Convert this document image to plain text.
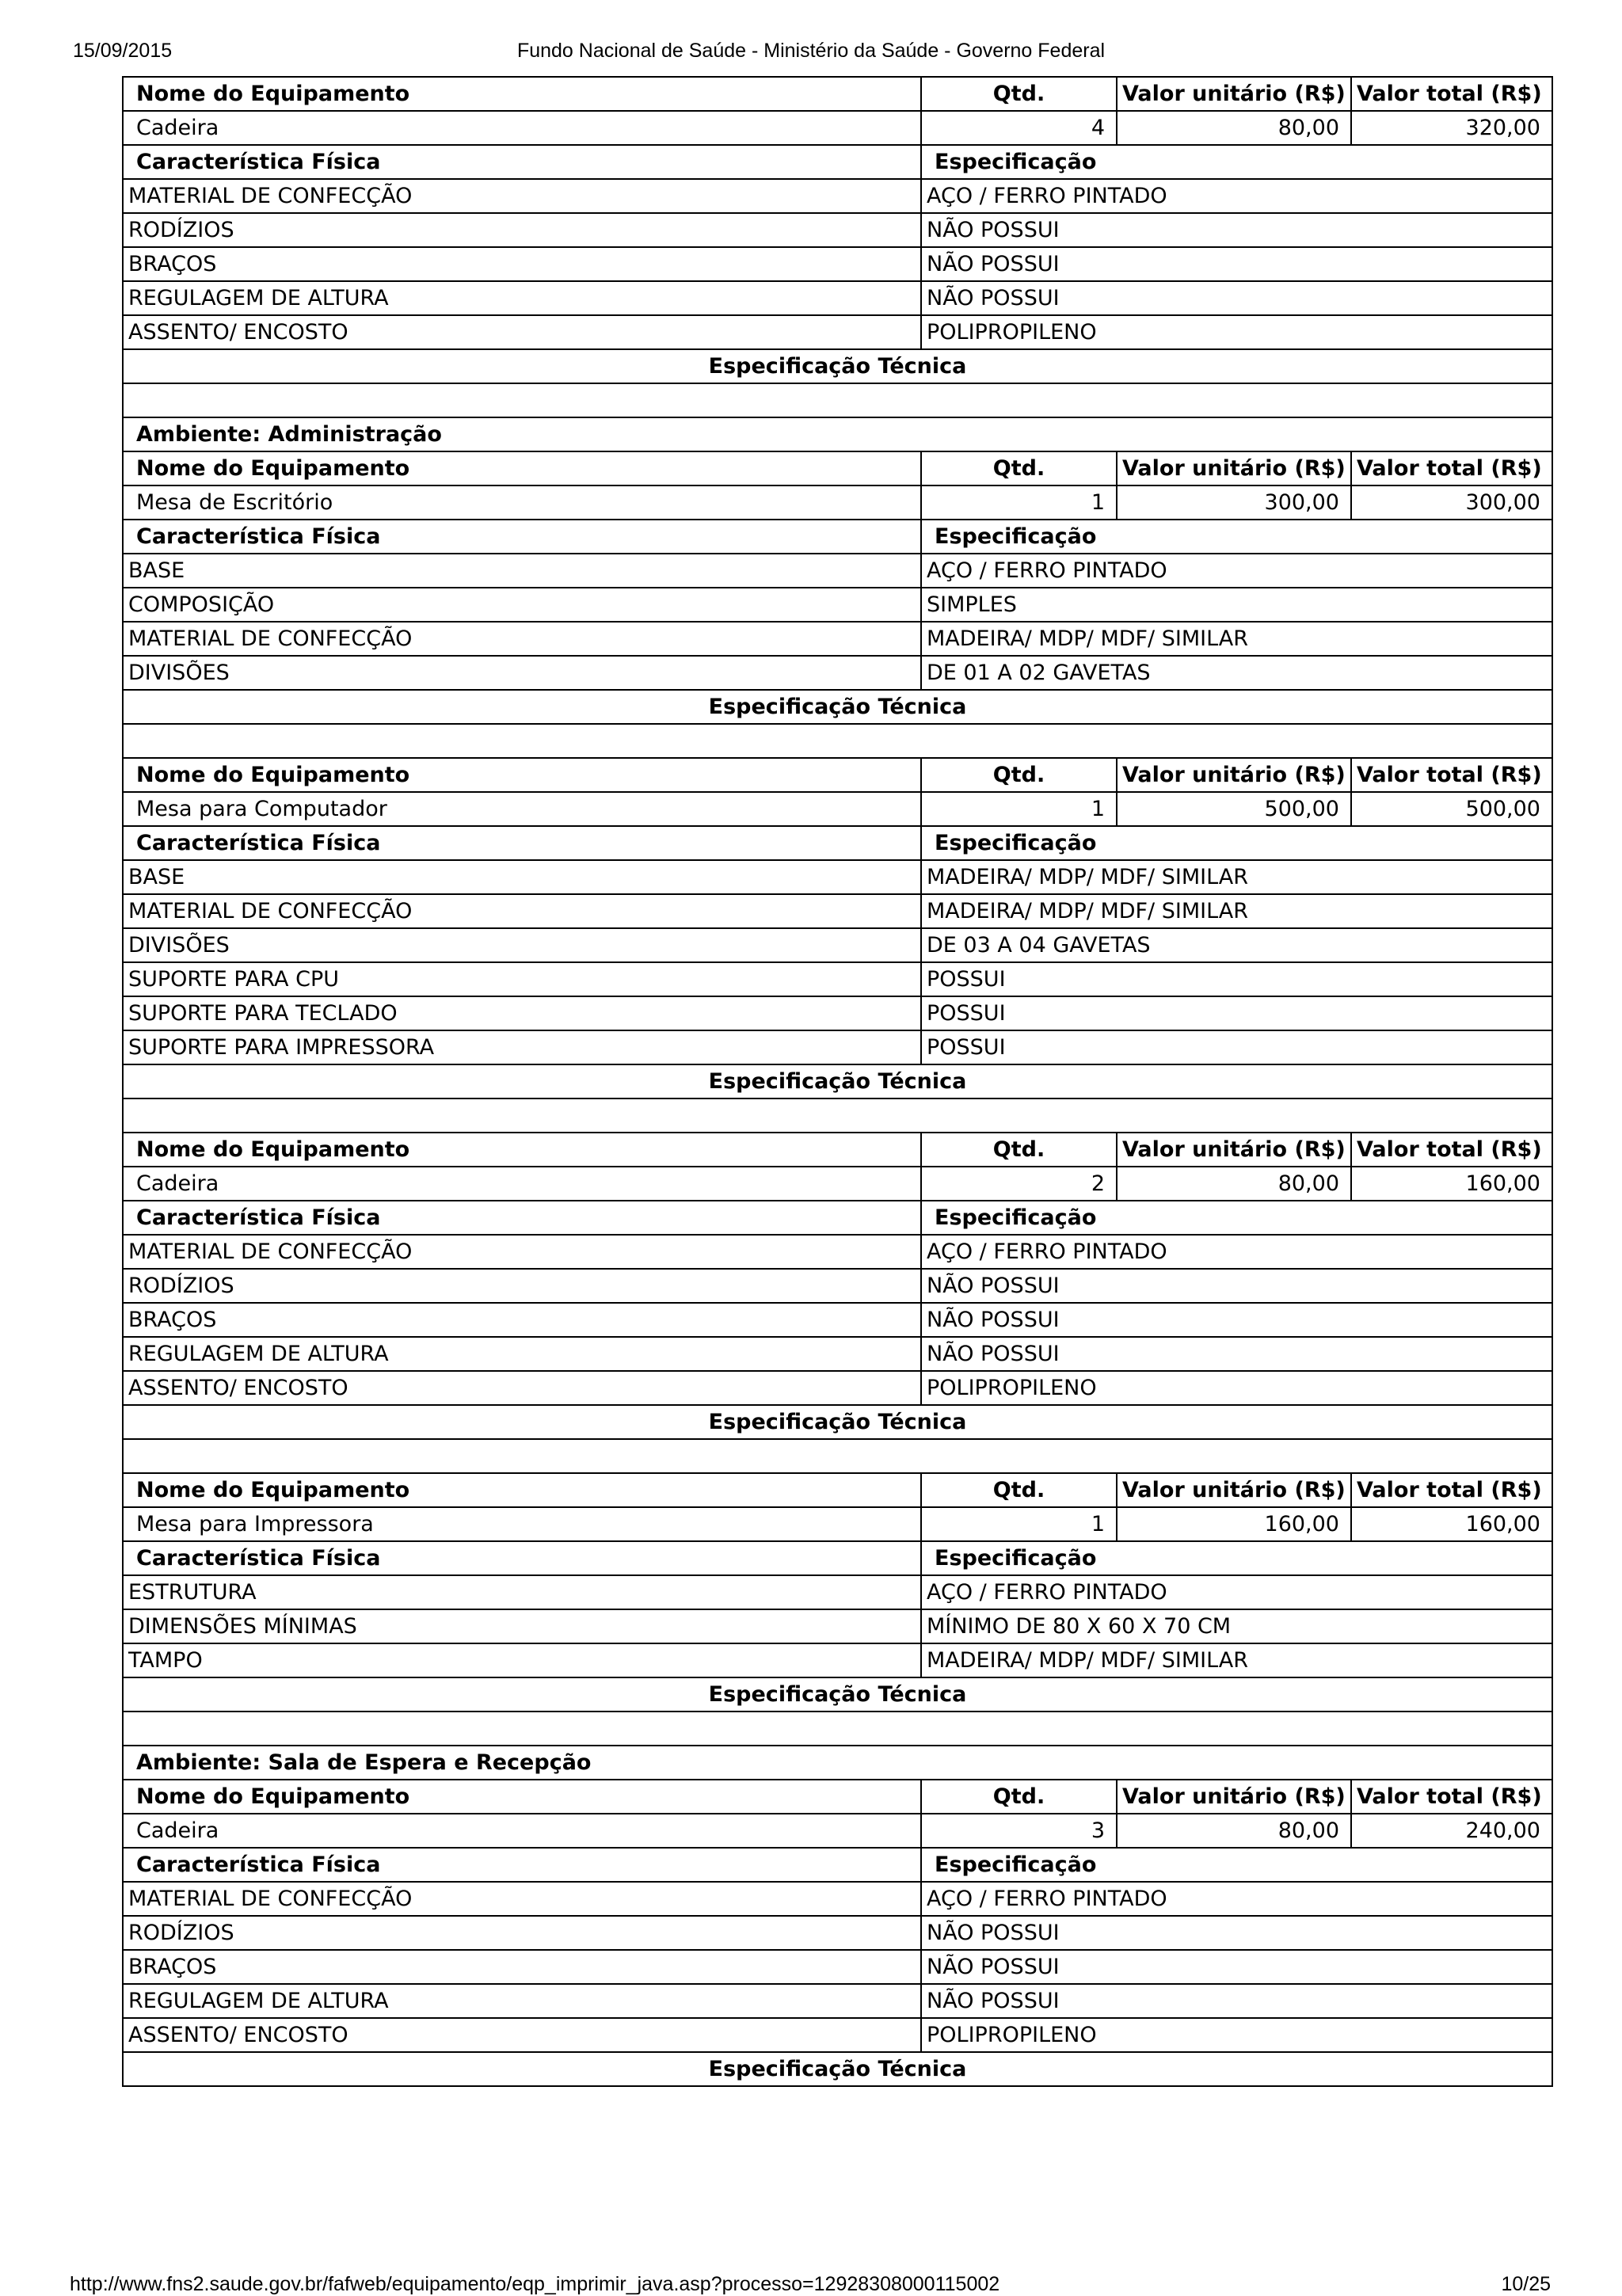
15/09/2015	Fundo Nacional de Saúde - Ministério da Saúde - Governo Federal
Nome do Equipamento	Qtd.	Valor unitário (R$)	Valor total (R$)
Cadeira	4	80,00	320,00
Característica Física	Especificação		
MATERIAL DE CONFECÇÃO	AÇO / FERRO PINTADO		
RODÍZIOS	NÃO POSSUI		
BRAÇOS	NÃO POSSUI		
REGULAGEM DE ALTURA	NÃO POSSUI		
ASSENTO/ ENCOSTO	POLIPROPILENO		
Especificação Técnica			

Ambiente: Administração			
Nome do Equipamento	Qtd.	Valor unitário (R$)	Valor total (R$)
Mesa de Escritório	1	300,00	300,00
Característica Física	Especificação		
BASE	AÇO / FERRO PINTADO		
COMPOSIÇÃO	SIMPLES		
MATERIAL DE CONFECÇÃO	MADEIRA/ MDP/ MDF/ SIMILAR		
DIVISÕES	DE 01 A 02 GAVETAS		
Especificação Técnica			

Nome do Equipamento	Qtd.	Valor unitário (R$)	Valor total (R$)
Mesa para Computador	1	500,00	500,00
Característica Física	Especificação		
BASE	MADEIRA/ MDP/ MDF/ SIMILAR		
MATERIAL DE CONFECÇÃO	MADEIRA/ MDP/ MDF/ SIMILAR		
DIVISÕES	DE 03 A 04 GAVETAS		
SUPORTE PARA CPU	POSSUI		
SUPORTE PARA TECLADO	POSSUI		
SUPORTE PARA IMPRESSORA	POSSUI		
Especificação Técnica			

Nome do Equipamento	Qtd.	Valor unitário (R$)	Valor total (R$)
Cadeira	2	80,00	160,00
Característica Física	Especificação		
MATERIAL DE CONFECÇÃO	AÇO / FERRO PINTADO		
RODÍZIOS	NÃO POSSUI		
BRAÇOS	NÃO POSSUI		
REGULAGEM DE ALTURA	NÃO POSSUI		
ASSENTO/ ENCOSTO	POLIPROPILENO		
Especificação Técnica			

Nome do Equipamento	Qtd.	Valor unitário (R$)	Valor total (R$)
Mesa para Impressora	1	160,00	160,00
Característica Física	Especificação		
ESTRUTURA	AÇO / FERRO PINTADO		
DIMENSÕES MÍNIMAS	MÍNIMO DE 80 X 60 X 70 CM		
TAMPO	MADEIRA/ MDP/ MDF/ SIMILAR		
Especificação Técnica			

Ambiente: Sala de Espera e Recepção			
Nome do Equipamento	Qtd.	Valor unitário (R$)	Valor total (R$)
Cadeira	3	80,00	240,00
Característica Física	Especificação		
MATERIAL DE CONFECÇÃO	AÇO / FERRO PINTADO		
RODÍZIOS	NÃO POSSUI		
BRAÇOS	NÃO POSSUI		
REGULAGEM DE ALTURA	NÃO POSSUI		
ASSENTO/ ENCOSTO	POLIPROPILENO		
Especificação Técnica			
http://www.fns2.saude.gov.br/fafweb/equipamento/eqp_imprimir_java.asp?processo=12928308000115002	10/25
